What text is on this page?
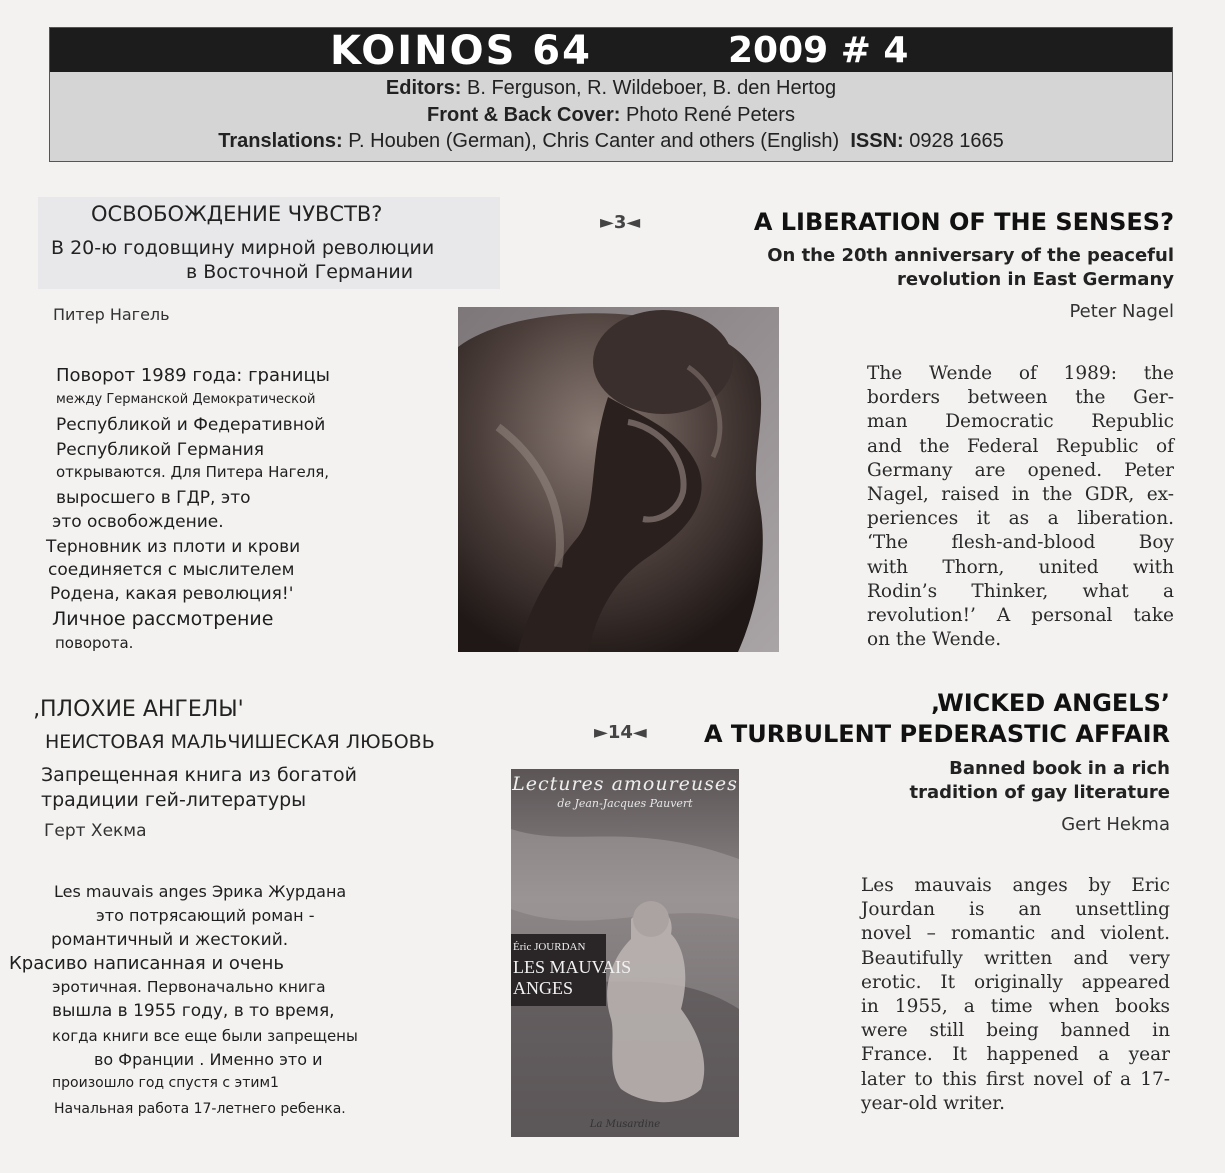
KOINOS 64	2009 # 4
Editors: B. Ferguson, R. Wildeboer, B. den Hertog
Front & Back Cover: Photo René Peters
Translations: P. Houben (German), Chris Canter and others (English) ISSN: 0928 1665
ОСВОБОЖДЕНИЕ ЧУВСТВ?
В 20-ю годовщину мирной революции
в Восточной Германии
Питер Нагель
Поворот 1989 года: границы
между Германской Демократической
Республикой и Федеративной
Республикой Германия
открываются. Для Питера Нагеля,
выросшего в ГДР, это
это освобождение.
Терновник из плоти и крови
соединяется с мыслителем
Родена, какая революция!'
Личное рассмотрение
поворота.
►3◄	A LIBERATION OF THE SENSES?
On the 20th anniversary of the peaceful
revolution in East Germany
Peter Nagel
The Wende of 1989: the
borders between the Ger-
man Democratic Republic
and the Federal Republic of
Germany are opened. Peter
Nagel, raised in the GDR, ex-
periences it as a liberation.
‘The flesh-and-blood Boy
with Thorn, united with
Rodin’s Thinker, what a
revolution!’ A personal take
on the Wende.
‚ПЛОХИЕ АНГЕЛЫ'
НЕИСТОВАЯ МАЛЬЧИШЕСКАЯ ЛЮБОВЬ
Запрещенная книга из богатой
традиции гей-литературы
Герт Хекма
Les mauvais anges Эрика Журдана
это потрясающий роман -
романтичный и жестокий.
Красиво написанная и очень
эротичная. Первоначально книга
вышла в 1955 году, в то время,
когда книги все еще были запрещены
во Франции . Именно это и
произошло год спустя с этим1
Начальная работа 17-летнего ребенка.
►14◄
Lectures amoureuses
de Jean-Jacques Pauvert
Éric JOURDAN
LES MAUVAIS
ANGES
La Musardine
‚WICKED ANGELS’
A TURBULENT PEDERASTIC AFFAIR
Banned book in a rich
tradition of gay literature
Gert Hekma
Les mauvais anges by Eric
Jourdan is an unsettling
novel – romantic and violent.
Beautifully written and very
erotic. It originally appeared
in 1955, a time when books
were still being banned in
France. It happened a year
later to this first novel of a 17-
year-old writer.
